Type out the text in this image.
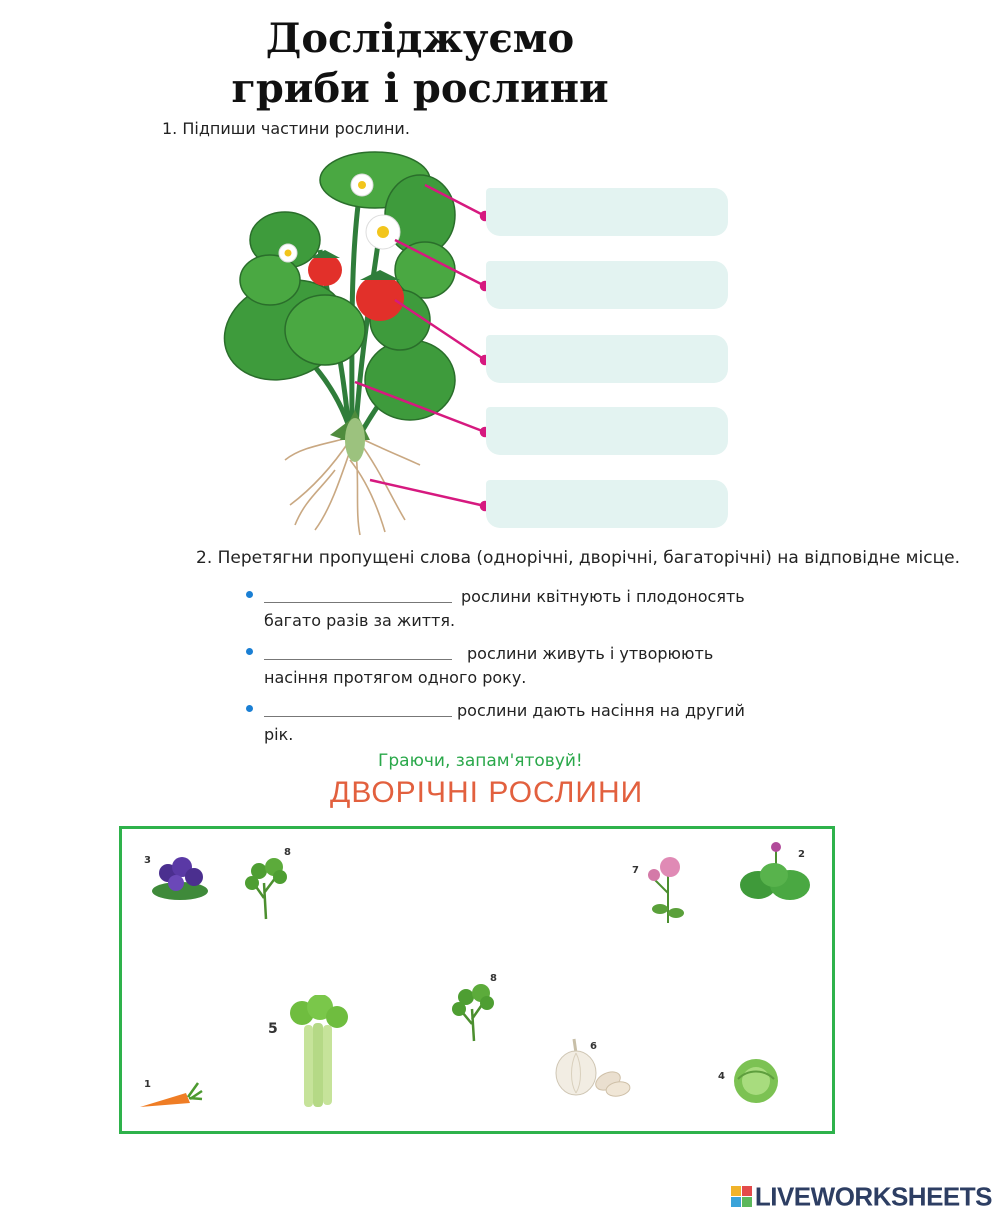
Досліджуємо
гриби і рослини
1. Підпиши частини рослини.
2. Перетягни пропущені слова (однорічні, дворічні, багаторічні) на відповідне місце.
рослини квітнують і плодоносять
багато разів за життя.
рослини живуть і утворюють
насіння протягом одного року.
рослини дають насіння на другий
рік.
Граючи, запам'ятовуй!
ДВОРІЧНІ РОСЛИНИ
3
8
7
2
5
8
6
4
1
LIVEWORKSHEETS
